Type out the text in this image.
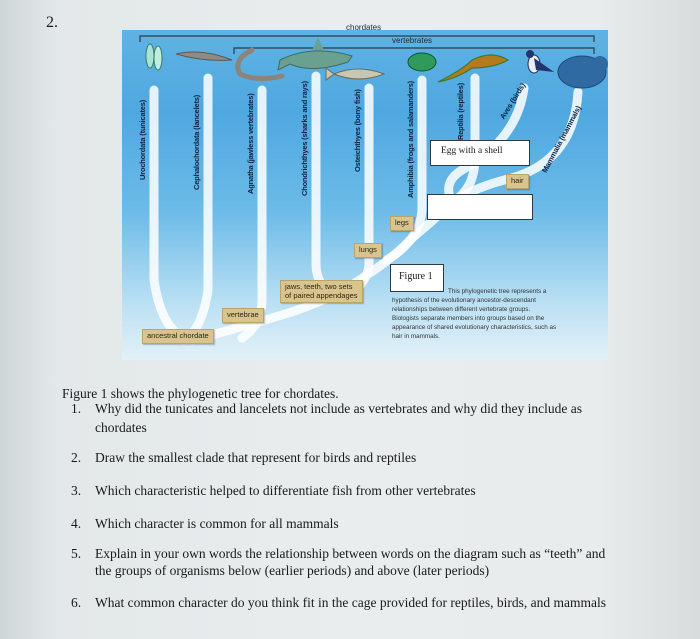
2.	chordates
vertebrates
Urochordata (tunicates)	Cephalochordata (lancelets)	Agnatha (jawless vertebrates)	Chondrichthyes (sharks and rays)	Osteichthyes (bony fish)	Amphibia (frogs and salamanders)	Reptilia (reptiles)	Aves (birds)
Mammalia (mammals)
Egg with a shell
hair
legs
lungs
jaws, teeth, two sets
of paired appendages
vertebrae
ancestral chordate
Figure 1
This phylogenetic tree represents a
hypothesis of the evolutionary ancestor-descendant
relationships between different vertebrate groups.
Biologists separate members into groups based on the
appearance of shared evolutionary characteristics, such as
hair in mammals.
Figure 1 shows the phylogenetic tree for chordates.
1. Why did the tunicates and lancelets not include as vertebrates and why did they include as
chordates
2. Draw the smallest clade that represent for birds and reptiles
3. Which characteristic helped to differentiate fish from other vertebrates
4. Which character is common for all mammals
5. Explain in your own words the relationship between words on the diagram such as “teeth” and
the groups of organisms below (earlier periods) and above (later periods)
6. What common character do you think fit in the cage provided for reptiles, birds, and mammals
